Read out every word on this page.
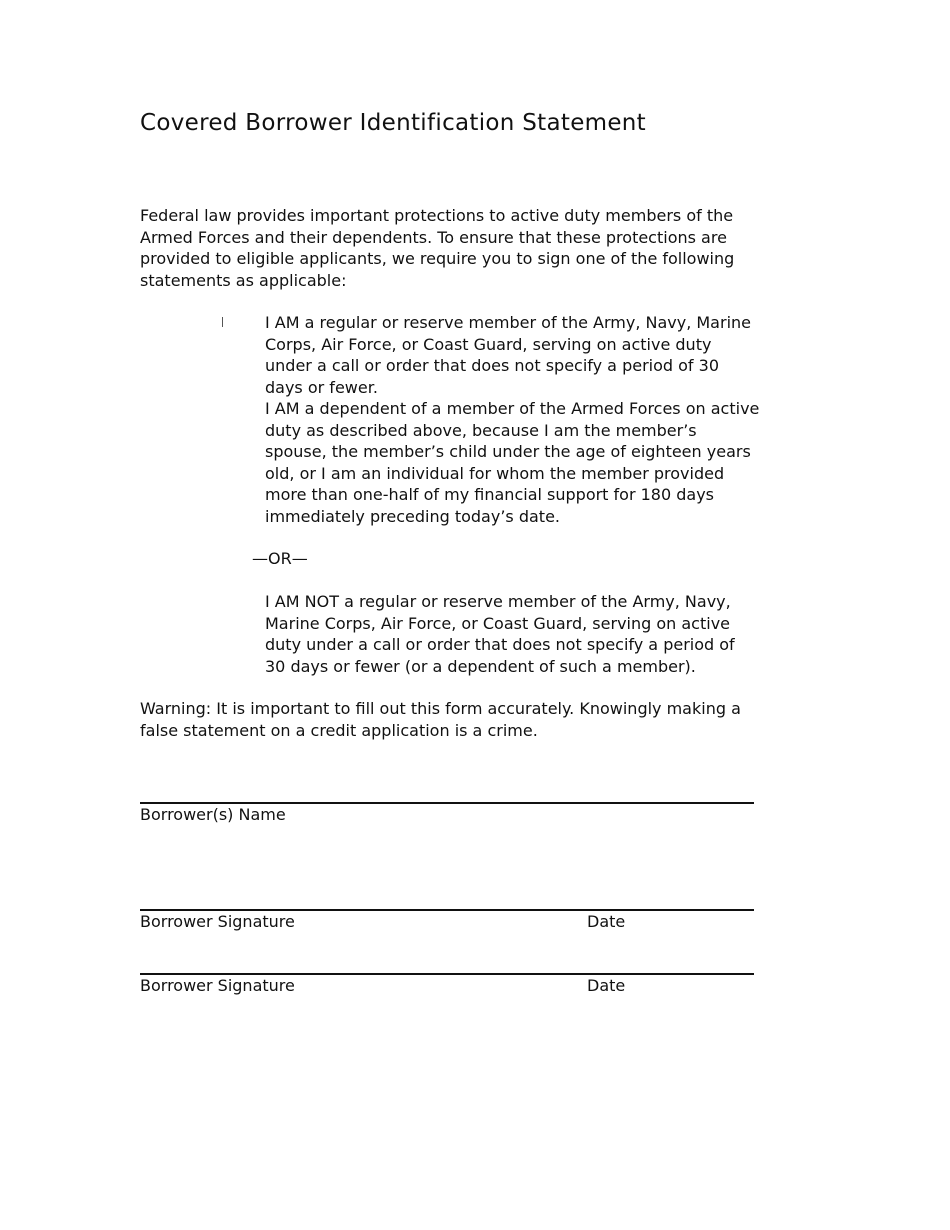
Covered Borrower Identification Statement

Federal law provides important protections to active duty members of the Armed Forces and their dependents. To ensure that these protections are provided to eligible applicants, we require you to sign one of the following statements as applicable:

I AM a regular or reserve member of the Army, Navy, Marine Corps, Air Force, or Coast Guard, serving on active duty under a call or order that does not specify a period of 30 days or fewer.

I AM a dependent of a member of the Armed Forces on active duty as described above, because I am the member’s spouse, the member’s child under the age of eighteen years old, or I am an individual for whom the member provided more than one-half of my financial support for 180 days immediately preceding today’s date.

—OR—

I AM NOT a regular or reserve member of the Army, Navy, Marine Corps, Air Force, or Coast Guard, serving on active duty under a call or order that does not specify a period of 30 days or fewer (or a dependent of such a member).

Warning: It is important to fill out this form accurately. Knowingly making a false statement on a credit application is a crime.

Borrower(s) Name
Borrower Signature	Date
Borrower Signature	Date
